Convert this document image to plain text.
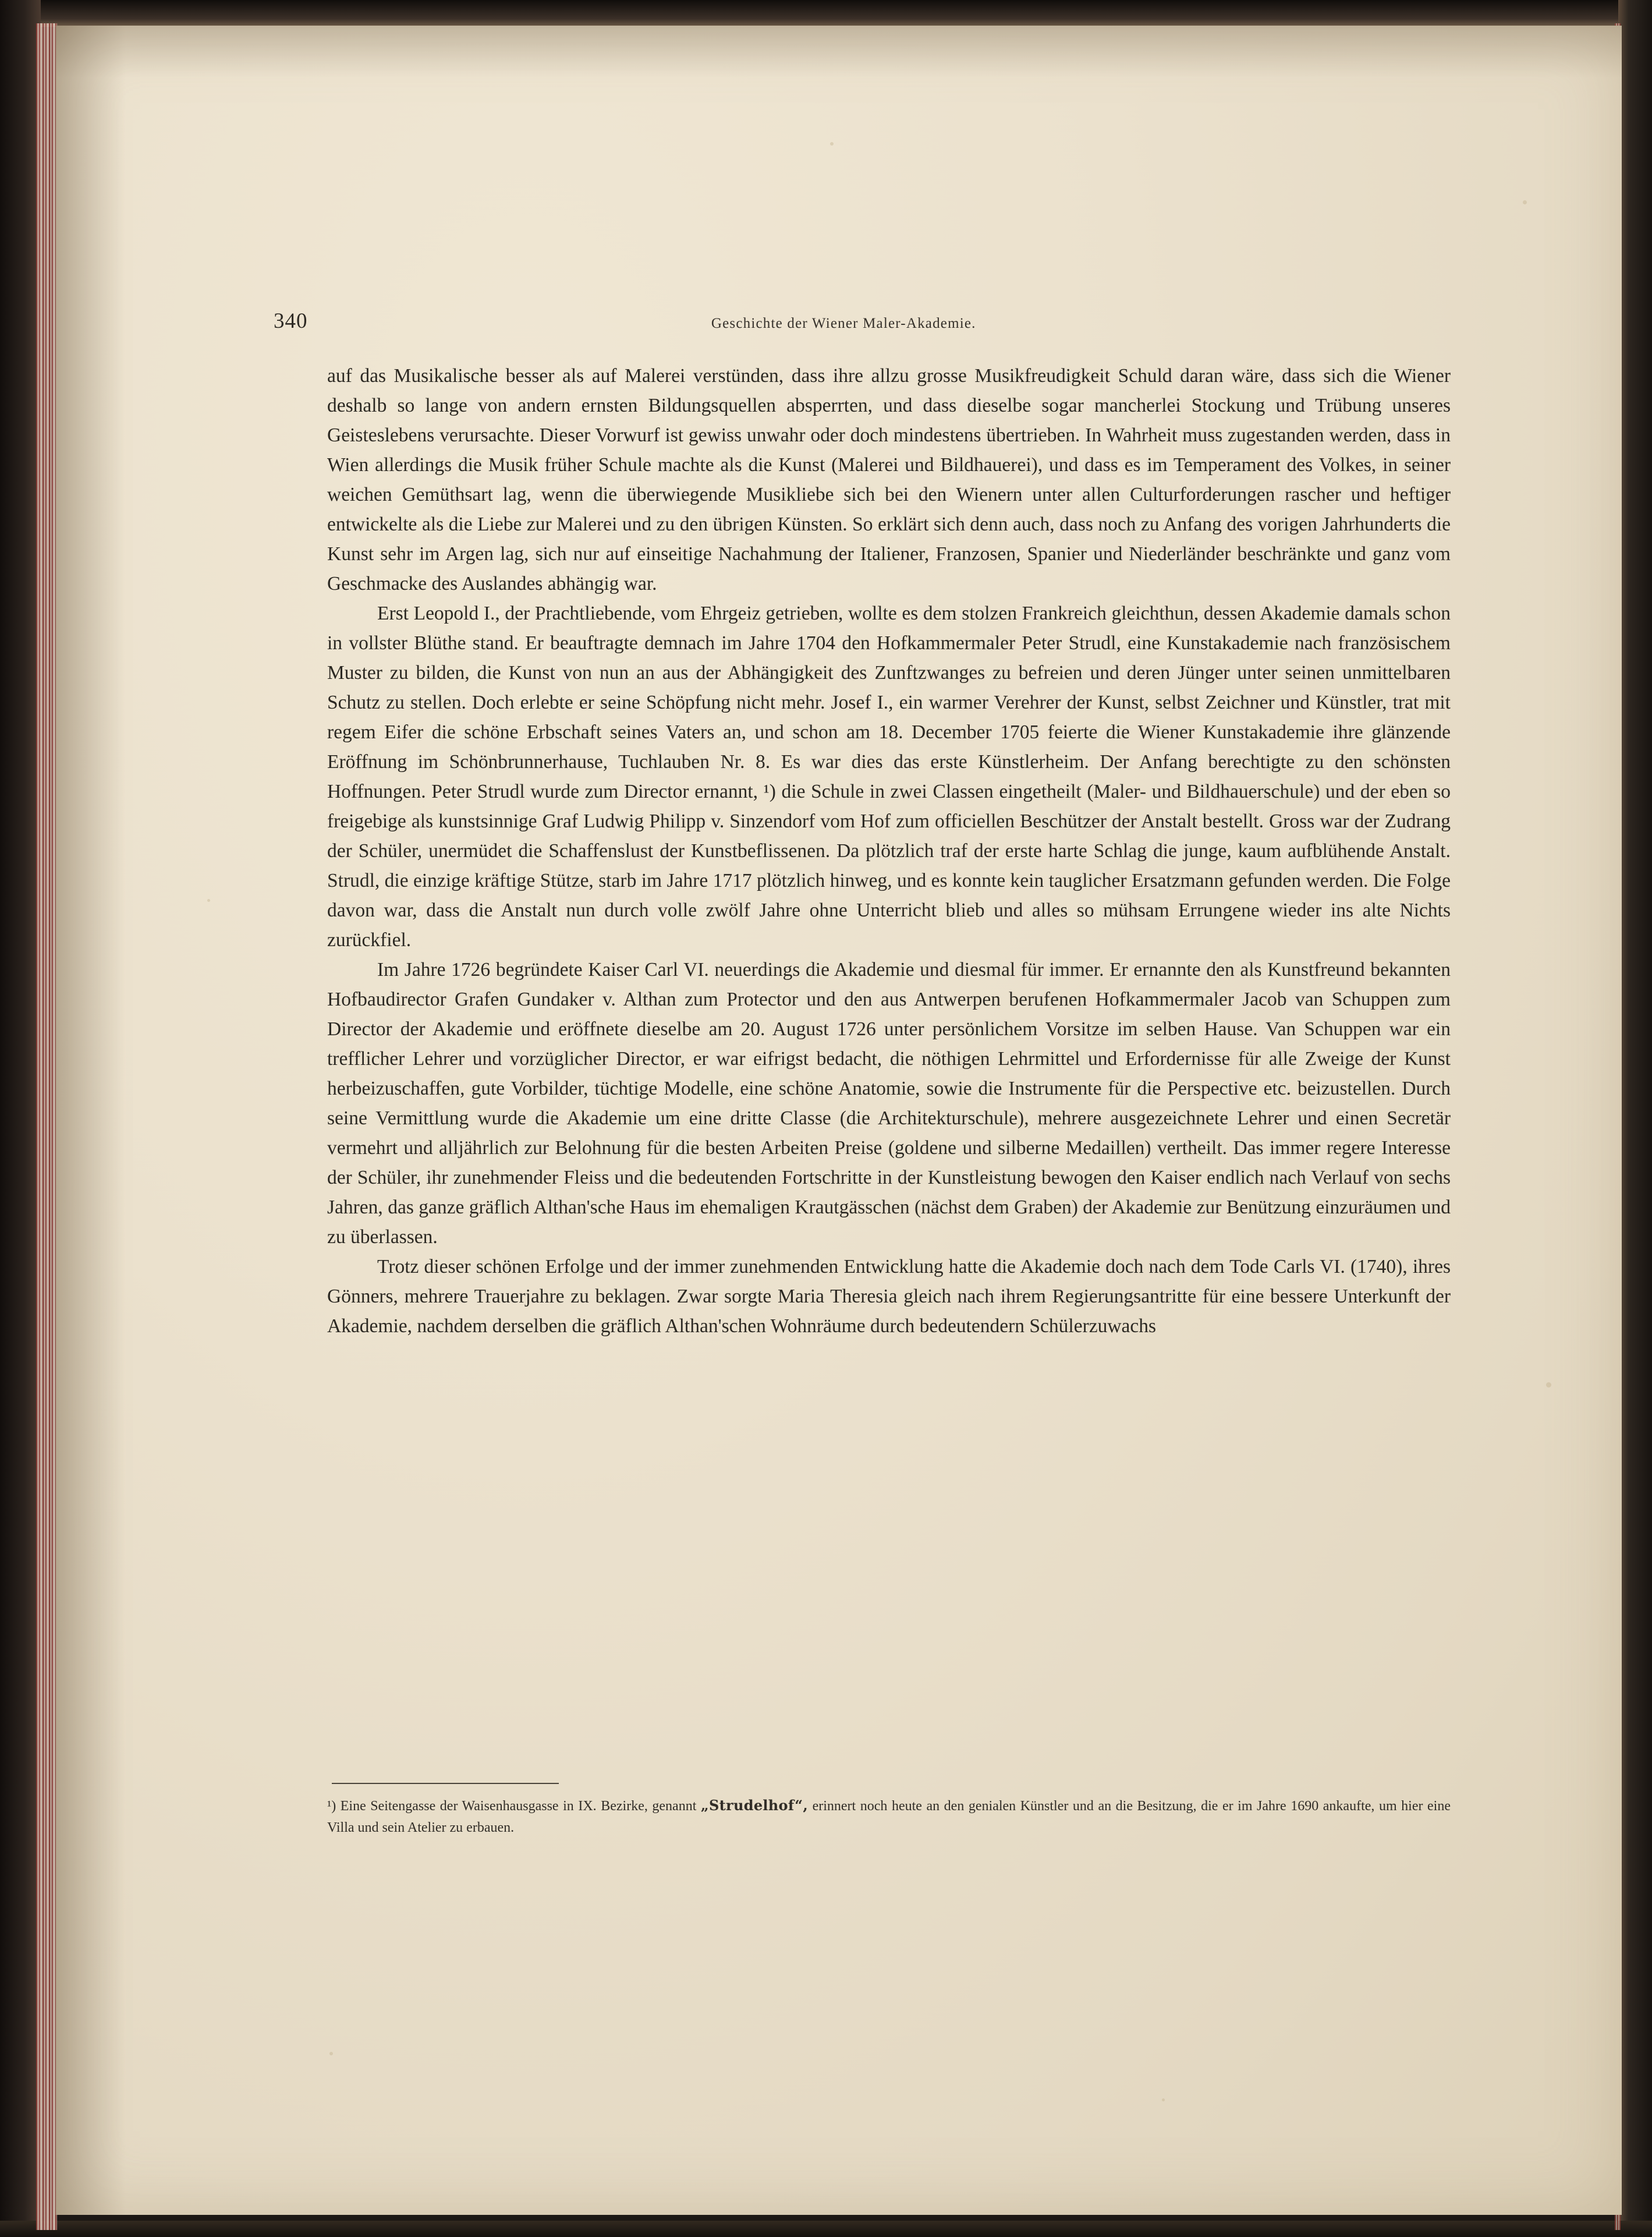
340	Geschichte der Wiener Maler-Akademie.

auf das Musikalische besser als auf Malerei verstünden, dass ihre allzu grosse Musikfreudigkeit Schuld daran wäre, dass sich die Wiener deshalb so lange von andern ernsten Bildungsquellen absperrten, und dass dieselbe sogar mancherlei Stockung und Trübung unseres Geisteslebens verursachte. Dieser Vorwurf ist gewiss unwahr oder doch mindestens übertrieben. In Wahrheit muss zugestanden werden, dass in Wien allerdings die Musik früher Schule machte als die Kunst (Malerei und Bildhauerei), und dass es im Temperament des Volkes, in seiner weichen Gemüthsart lag, wenn die überwiegende Musikliebe sich bei den Wienern unter allen Culturforderungen rascher und heftiger entwickelte als die Liebe zur Malerei und zu den übrigen Künsten. So erklärt sich denn auch, dass noch zu Anfang des vorigen Jahrhunderts die Kunst sehr im Argen lag, sich nur auf einseitige Nachahmung der Italiener, Franzosen, Spanier und Niederländer beschränkte und ganz vom Geschmacke des Auslandes abhängig war.

Erst Leopold I., der Prachtliebende, vom Ehrgeiz getrieben, wollte es dem stolzen Frankreich gleichthun, dessen Akademie damals schon in vollster Blüthe stand. Er beauftragte demnach im Jahre 1704 den Hofkammermaler Peter Strudl, eine Kunstakademie nach französischem Muster zu bilden, die Kunst von nun an aus der Abhängigkeit des Zunftzwanges zu befreien und deren Jünger unter seinen unmittelbaren Schutz zu stellen. Doch erlebte er seine Schöpfung nicht mehr. Josef I., ein warmer Verehrer der Kunst, selbst Zeichner und Künstler, trat mit regem Eifer die schöne Erbschaft seines Vaters an, und schon am 18. December 1705 feierte die Wiener Kunstakademie ihre glänzende Eröffnung im Schönbrunnerhause, Tuchlauben Nr. 8. Es war dies das erste Künstlerheim. Der Anfang berechtigte zu den schönsten Hoffnungen. Peter Strudl wurde zum Director ernannt, ¹) die Schule in zwei Classen eingetheilt (Maler- und Bildhauerschule) und der eben so freigebige als kunstsinnige Graf Ludwig Philipp v. Sinzendorf vom Hof zum officiellen Beschützer der Anstalt bestellt. Gross war der Zudrang der Schüler, unermüdet die Schaffenslust der Kunstbeflissenen. Da plötzlich traf der erste harte Schlag die junge, kaum aufblühende Anstalt. Strudl, die einzige kräftige Stütze, starb im Jahre 1717 plötzlich hinweg, und es konnte kein tauglicher Ersatzmann gefunden werden. Die Folge davon war, dass die Anstalt nun durch volle zwölf Jahre ohne Unterricht blieb und alles so mühsam Errungene wieder ins alte Nichts zurückfiel.

Im Jahre 1726 begründete Kaiser Carl VI. neuerdings die Akademie und diesmal für immer. Er ernannte den als Kunstfreund bekannten Hofbaudirector Grafen Gundaker v. Althan zum Protector und den aus Antwerpen berufenen Hofkammermaler Jacob van Schuppen zum Director der Akademie und eröffnete dieselbe am 20. August 1726 unter persönlichem Vorsitze im selben Hause. Van Schuppen war ein trefflicher Lehrer und vorzüglicher Director, er war eifrigst bedacht, die nöthigen Lehrmittel und Erfordernisse für alle Zweige der Kunst herbeizuschaffen, gute Vorbilder, tüchtige Modelle, eine schöne Anatomie, sowie die Instrumente für die Perspective etc. beizustellen. Durch seine Vermittlung wurde die Akademie um eine dritte Classe (die Architekturschule), mehrere ausgezeichnete Lehrer und einen Secretär vermehrt und alljährlich zur Belohnung für die besten Arbeiten Preise (goldene und silberne Medaillen) vertheilt. Das immer regere Interesse der Schüler, ihr zunehmender Fleiss und die bedeutenden Fortschritte in der Kunstleistung bewogen den Kaiser endlich nach Verlauf von sechs Jahren, das ganze gräflich Althan'sche Haus im ehemaligen Krautgässchen (nächst dem Graben) der Akademie zur Benützung einzuräumen und zu überlassen.

Trotz dieser schönen Erfolge und der immer zunehmenden Entwicklung hatte die Akademie doch nach dem Tode Carls VI. (1740), ihres Gönners, mehrere Trauerjahre zu beklagen. Zwar sorgte Maria Theresia gleich nach ihrem Regierungsantritte für eine bessere Unterkunft der Akademie, nachdem derselben die gräflich Althan'schen Wohnräume durch bedeutendern Schülerzuwachs

¹) Eine Seitengasse der Waisenhausgasse in IX. Bezirke, genannt „Strudelhof“, erinnert noch heute an den genialen Künstler und an die Besitzung, die er im Jahre 1690 ankaufte, um hier eine Villa und sein Atelier zu erbauen.
